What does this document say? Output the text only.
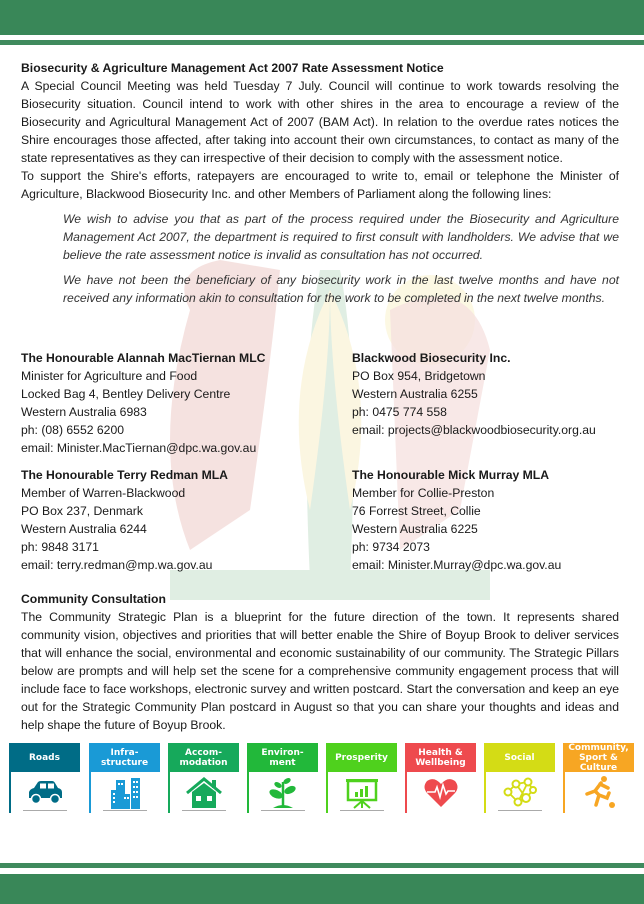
Biosecurity & Agriculture Management Act 2007 Rate Assessment Notice

A Special Council Meeting was held Tuesday 7 July. Council will continue to work towards resolving the Biosecurity situation. Council intend to work with other shires in the area to encourage a review of the Biosecurity and Agricultural Management Act of 2007 (BAM Act). In relation to the overdue rates notices the Shire encourages those affected, after taking into account their own circumstances, to contact as many of the state representatives as they can irrespective of their decision to comply with the assessment notice.

To support the Shire's efforts, ratepayers are encouraged to write to, email or telephone the Minister of Agriculture, Blackwood Biosecurity Inc. and other Members of Parliament along the following lines:

We wish to advise you that as part of the process required under the Biosecurity and Agriculture Management Act 2007, the department is required to first consult with landholders. We advise that we believe the rate assessment notice is invalid as consultation has not occurred.

We have not been the beneficiary of any biosecurity work in the last twelve months and have not received any information akin to consultation for the work to be completed in the next twelve months.

The Honourable Alannah MacTiernan MLC
Minister for Agriculture and Food
Locked Bag 4, Bentley Delivery Centre
Western Australia 6983
ph: (08) 6552 6200
email: Minister.MacTiernan@dpc.wa.gov.au
Blackwood Biosecurity Inc.
PO Box 954, Bridgetown
Western Australia 6255
ph: 0475 774 558
email: projects@blackwoodbiosecurity.org.au
The Honourable Terry Redman MLA
Member of Warren-Blackwood
PO Box 237, Denmark
Western Australia 6244
ph: 9848 3171
email: terry.redman@mp.wa.gov.au
The Honourable Mick Murray MLA
Member for Collie-Preston
76 Forrest Street, Collie
Western Australia 6225
ph: 9734 2073
email: Minister.Murray@dpc.wa.gov.au

Community Consultation

The Community Strategic Plan is a blueprint for the future direction of the town. It represents shared community vision, objectives and priorities that will better enable the Shire of Boyup Brook to deliver services that will enhance the social, environmental and economic sustainability of our community. The Strategic Pillars below are prompts and will help set the scene for a comprehensive community engagement process that will include face to face workshops, electronic survey and written postcard. Start the conversation and keep an eye out for the Strategic Community Plan postcard in August so that you can share your thoughts and ideas and help shape the future of Boyup Brook.

Roads	Infra-
structure
Accom-
modation
Environ-
ment	Prosperity	Health &
Wellbeing	Social
Community,
Sport &
Culture
